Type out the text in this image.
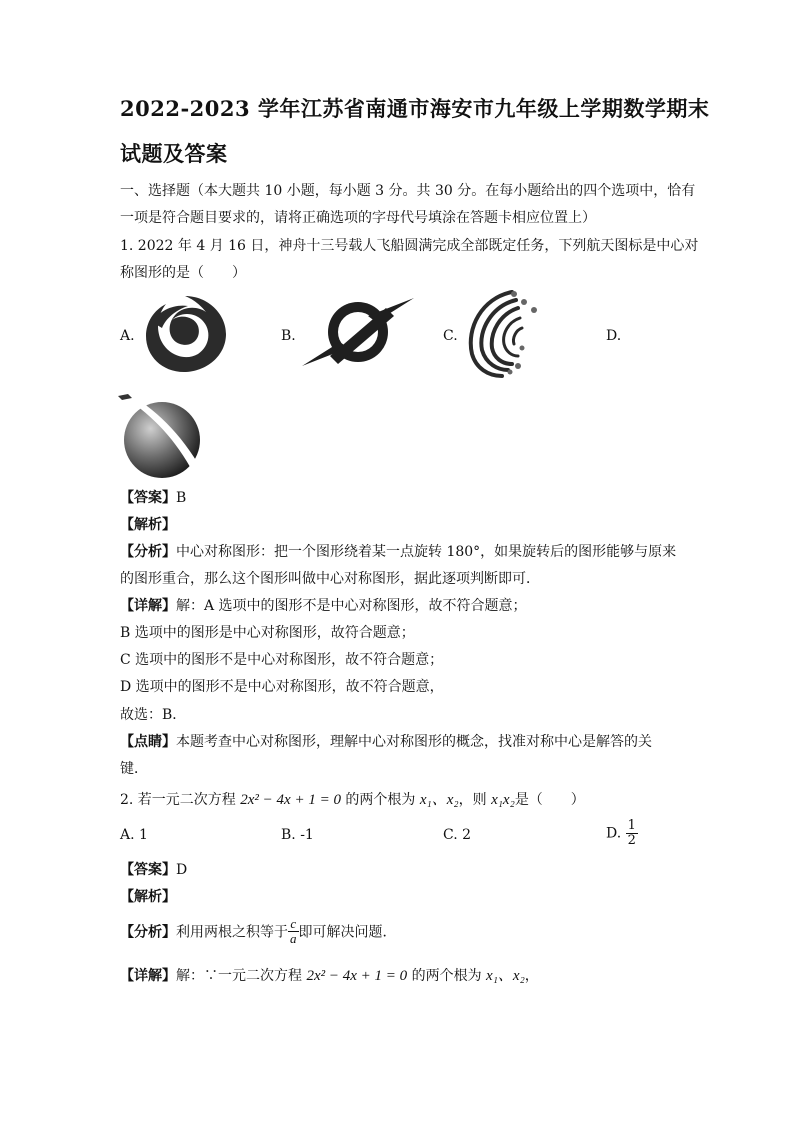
2022-2023 学年江苏省南通市海安市九年级上学期数学期末
试题及答案
一、选择题（本大题共 10 小题，每小题 3 分。共 30 分。在每小题给出的四个选项中，恰有
一项是符合题目要求的，请将正确选项的字母代号填涂在答题卡相应位置上）
1. 2022 年 4 月 16 日，神舟十三号载人飞船圆满完成全部既定任务，下列航天图标是中心对
称图形的是（　　）
A.	B.	C.	D.
【答案】B
【解析】
【分析】中心对称图形：把一个图形绕着某一点旋转 180°，如果旋转后的图形能够与原来
的图形重合，那么这个图形叫做中心对称图形，据此逐项判断即可．
【详解】解：A 选项中的图形不是中心对称图形，故不符合题意；
B 选项中的图形是中心对称图形，故符合题意；
C 选项中的图形不是中心对称图形，故不符合题意；
D 选项中的图形不是中心对称图形，故不符合题意，
故选：B．
【点睛】本题考查中心对称图形，理解中心对称图形的概念，找准对称中心是解答的关
键．
2. 若一元二次方程 2x² − 4x + 1 = 0 的两个根为 x₁、x₂，则 x₁x₂是（　　）
A. 1	B. -1	C. 2	D. $\frac{1}{2}$
【答案】D
【解析】
【分析】利用两根之积等于 $\frac{c}{a}$ 即可解决问题．
【详解】解：∵一元二次方程 2x² − 4x + 1 = 0 的两个根为 x₁、x₂，
